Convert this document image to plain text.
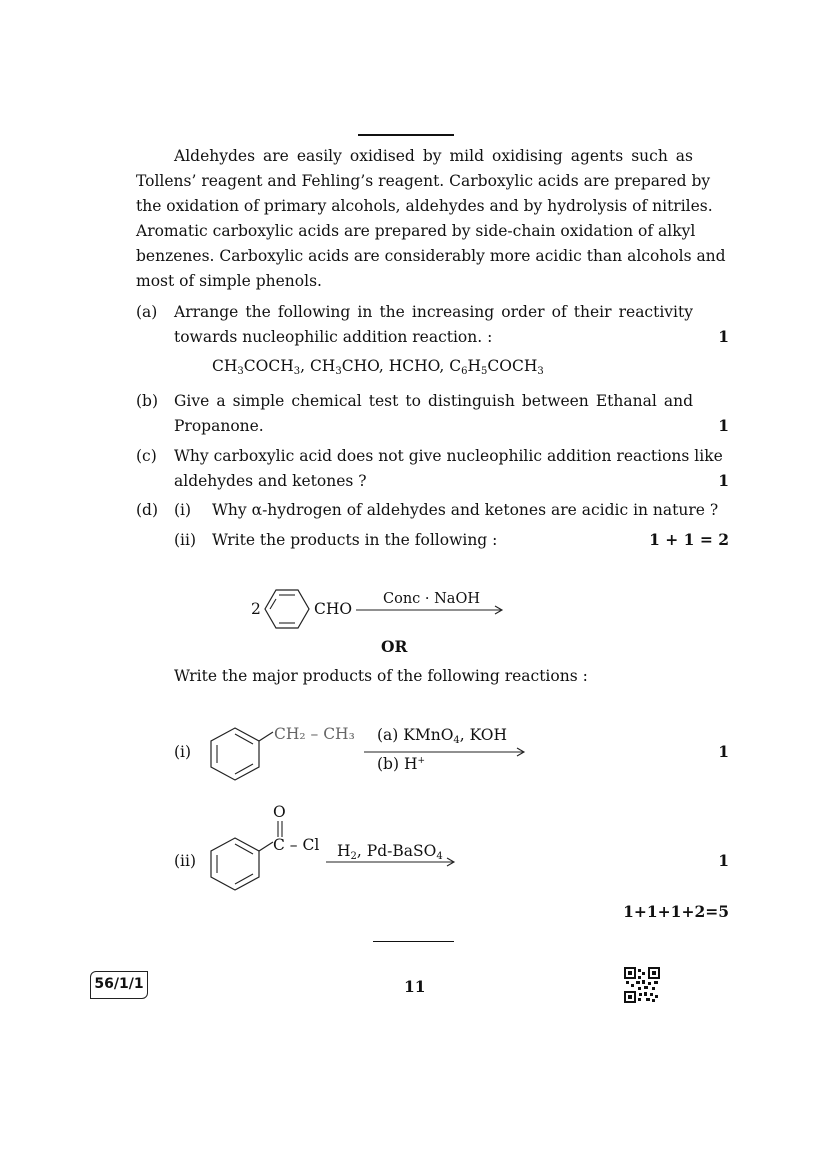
Aldehydes are easily oxidised by mild oxidising agents such as
Tollens’ reagent and Fehling’s reagent. Carboxylic acids are prepared by
the oxidation of primary alcohols, aldehydes and by hydrolysis of nitriles.
Aromatic carboxylic acids are prepared by side-chain oxidation of alkyl
benzenes. Carboxylic acids are considerably more acidic than alcohols and
most of simple phenols.
(a) Arrange the following in the increasing order of their reactivity
towards nucleophilic addition reaction. :	1
$CH_3COCH_3$, $CH_3CHO$, HCHO, $C_6H_5COCH_3$
(b) Give a simple chemical test to distinguish between Ethanal and
Propanone.	1
(c) Why carboxylic acid does not give nucleophilic addition reactions like
aldehydes and ketones ?	1
(d) (i) Why α-hydrogen of aldehydes and ketones are acidic in nature ?
(ii) Write the products in the following :	1 + 1 = 2
2	CHO
Conc · NaOH
OR
Write the major products of the following reactions :
(i)
CH₂ – CH₃ (a) KMnO$_4$, KOH
(b) H+	1
O
(ii)
C – Cl $H_2$, Pd-BaSO$_4$	1
1+1+1+2=5
56/1/1	11
